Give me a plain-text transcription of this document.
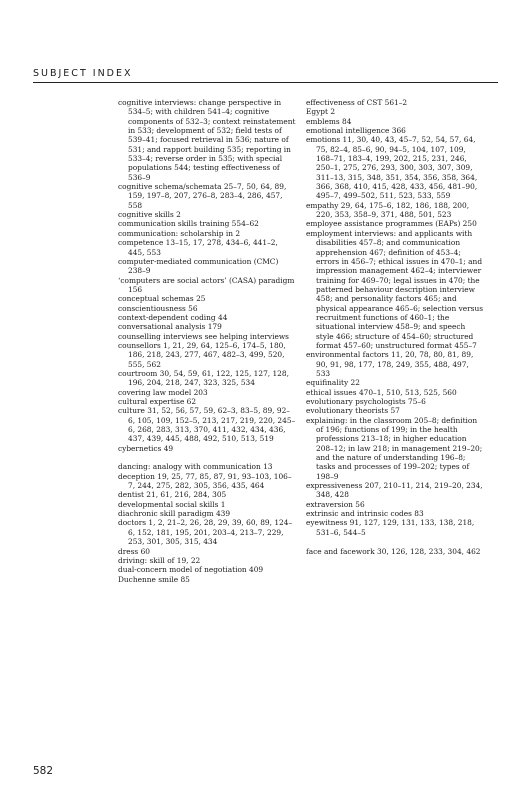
SUBJECT INDEX
cognitive interviews: change perspective in 534–5; with children 541–4; cognitive components of 532–3; context reinstatement in 533; development of 532; field tests of 539–41; focused retrieval in 536; nature of 531; and rapport building 535; reporting in 533–4; reverse order in 535; with special populations 544; testing effectiveness of 536–9
cognitive schema/schemata 25–7, 50, 64, 89, 159, 197–8, 207, 276–8, 283–4, 286, 457, 558
cognitive skills 2
communication skills training 554–62
communication: scholarship in 2
competence 13–15, 17, 278, 434–6, 441–2, 445, 553
computer-mediated communication (CMC) 238–9
‘computers are social actors’ (CASA) paradigm 156
conceptual schemas 25
conscientiousness 56
context-dependent coding 44
conversational analysis 179
counselling interviews see helping interviews
counsellors 1, 21, 29, 64, 125–6, 174–5, 180, 186, 218, 243, 277, 467, 482–3, 499, 520, 555, 562
courtroom 30, 54, 59, 61, 122, 125, 127, 128, 196, 204, 218, 247, 323, 325, 534
covering law model 203
cultural expertise 62
culture 31, 52, 56, 57, 59, 62–3, 83–5, 89, 92–6, 105, 109, 152–5, 213, 217, 219, 220, 245–6, 268, 283, 313, 370, 411, 432, 434, 436, 437, 439, 445, 488, 492, 510, 513, 519
cybernetics 49
dancing: analogy with communication 13
deception 19, 25, 77, 85, 87, 91, 93–103, 106–7, 244, 275, 282, 305, 356, 435, 464
dentist 21, 61, 216, 284, 305
developmental social skills 1
diachronic skill paradigm 439
doctors 1, 2, 21–2, 26, 28, 29, 39, 60, 89, 124–6, 152, 181, 195, 201, 203–4, 213–7, 229, 253, 301, 305, 315, 434
dress 60
driving: skill of 19, 22
dual-concern model of negotiation 409
Duchenne smile 85
effectiveness of CST 561–2
Egypt 2
emblems 84
emotional intelligence 366
emotions 11, 30, 40, 43, 45–7, 52, 54, 57, 64, 75, 82–4, 85–6, 90, 94–5, 104, 107, 109, 168–71, 183–4, 199, 202, 215, 231, 246, 250–1, 275, 276, 293, 300, 303, 307, 309, 311–13, 315, 348, 351, 354, 356, 358, 364, 366, 368, 410, 415, 428, 433, 456, 481–90, 495–7, 499–502, 511, 523, 533, 559
empathy 29, 64, 175–6, 182, 186, 188, 200, 220, 353, 358–9, 371, 488, 501, 523
employee assistance programmes (EAPs) 250
employment interviews: and applicants with disabilities 457–8; and communication apprehension 467; definition of 453–4; errors in 456–7; ethical issues in 470–1; and impression management 462–4; interviewer training for 469–70; legal issues in 470; the patterned behaviour description interview 458; and personality factors 465; and physical appearance 465–6; selection versus recruitment functions of 460–1; the situational interview 458–9; and speech style 466; structure of 454–60; structured format 457–60; unstructured format 455–7
environmental factors 11, 20, 78, 80, 81, 89, 90, 91, 98, 177, 178, 249, 355, 488, 497, 533
equifinality 22
ethical issues 470–1, 510, 513, 525, 560
evolutionary psychologists 75–6
evolutionary theorists 57
explaining: in the classroom 205–8; definition of 196; functions of 199; in the health professions 213–18; in higher education 208–12; in law 218; in management 219–20; and the nature of understanding 196–8; tasks and processes of 199–202; types of 198–9
expressiveness 207, 210–11, 214, 219–20, 234, 348, 428
extraversion 56
extrinsic and intrinsic codes 83
eyewitness 91, 127, 129, 131, 133, 138, 218, 531–6, 544–5
face and facework 30, 126, 128, 233, 304, 462
582
